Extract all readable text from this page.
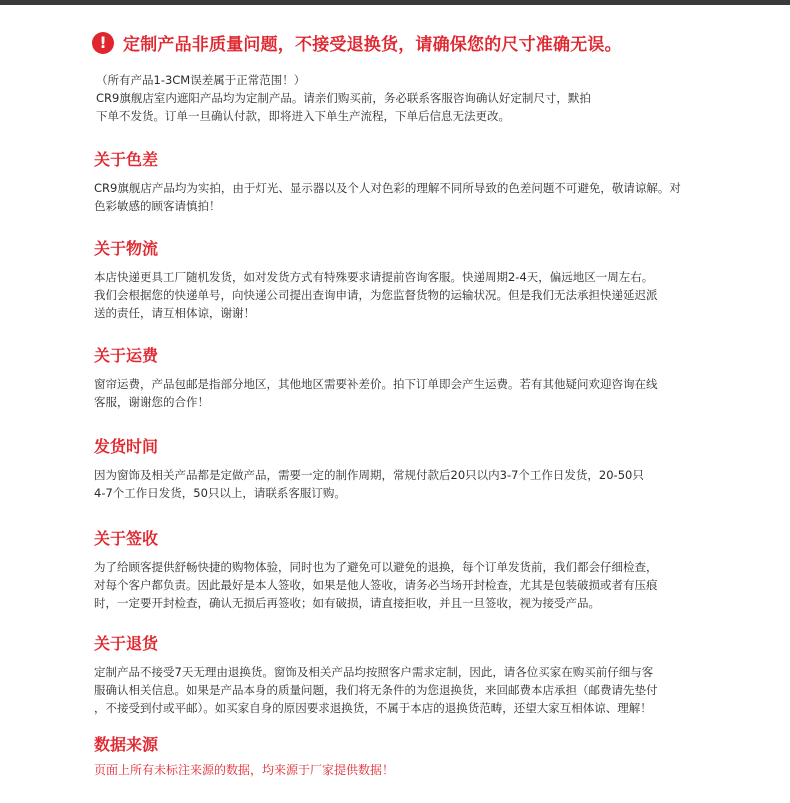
! 定制产品非质量问题，不接受退换货，请确保您的尺寸准确无误。

（所有产品1-3CM误差属于正常范围！）

CR9旗舰店室内遮阳产品均为定制产品。请亲们购买前，务必联系客服咨询确认好定制尺寸，默拍

下单不发货。订单一旦确认付款，即将进入下单生产流程，下单后信息无法更改。

关于色差
CR9旗舰店产品均为实拍，由于灯光、显示器以及个人对色彩的理解不同所导致的色差问题不可避免，敬请谅解。对
色彩敏感的顾客请慎拍！
关于物流
本店快递更具工厂随机发货，如对发货方式有特殊要求请提前咨询客服。快递周期2-4天，偏远地区一周左右。
我们会根据您的快递单号，向快递公司提出查询申请，为您监督货物的运输状况。但是我们无法承担快递延迟派
送的责任，请互相体谅，谢谢！
关于运费
窗帘运费，产品包邮是指部分地区，其他地区需要补差价。拍下订单即会产生运费。若有其他疑问欢迎咨询在线
客服，谢谢您的合作！
发货时间
因为窗饰及相关产品都是定做产品，需要一定的制作周期，常规付款后20只以内3-7个工作日发货，20-50只
4-7个工作日发货，50只以上，请联系客服订购。
关于签收
为了给顾客提供舒畅快捷的购物体验，同时也为了避免可以避免的退换，每个订单发货前，我们都会仔细检查，
对每个客户都负责。因此最好是本人签收，如果是他人签收，请务必当场开封检查，尤其是包装破损或者有压痕
时，一定要开封检查，确认无损后再签收；如有破损，请直接拒收，并且一旦签收，视为接受产品。
关于退货
定制产品不接受7天无理由退换货。窗饰及相关产品均按照客户需求定制，因此，请各位买家在购买前仔细与客
服确认相关信息。如果是产品本身的质量问题，我们将无条件的为您退换货，来回邮费本店承担（邮费请先垫付
，不接受到付或平邮）。如买家自身的原因要求退换货，不属于本店的退换货范畴，还望大家互相体谅、理解！
数据来源
页面上所有未标注来源的数据，均来源于厂家提供数据！
